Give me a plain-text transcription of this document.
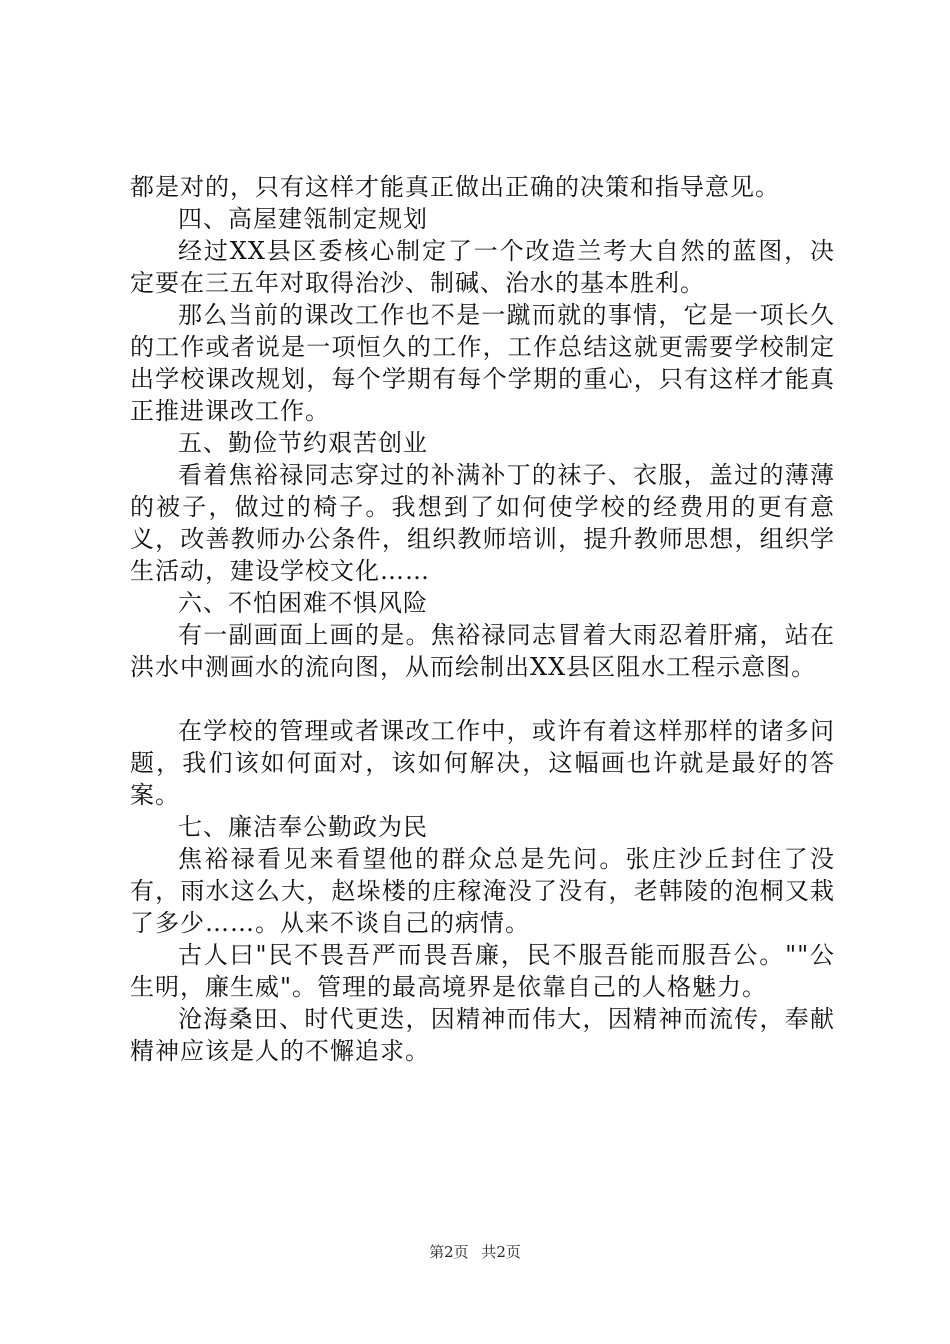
都是对的，只有这样才能真正做出正确的决策和指导意见。

四、高屋建瓴制定规划

经过XX县区委核心制定了一个改造兰考大自然的蓝图，决定要在三五年对取得治沙、制碱、治水的基本胜利。

那么当前的课改工作也不是一蹴而就的事情，它是一项长久的工作或者说是一项恒久的工作，工作总结这就更需要学校制定出学校课改规划，每个学期有每个学期的重心，只有这样才能真正推进课改工作。

五、勤俭节约艰苦创业

看着焦裕禄同志穿过的补满补丁的袜子、衣服，盖过的薄薄的被子，做过的椅子。我想到了如何使学校的经费用的更有意义，改善教师办公条件，组织教师培训，提升教师思想，组织学生活动，建设学校文化……

六、不怕困难不惧风险

有一副画面上画的是。焦裕禄同志冒着大雨忍着肝痛，站在洪水中测画水的流向图，从而绘制出XX县区阻水工程示意图。

在学校的管理或者课改工作中，或许有着这样那样的诸多问题，我们该如何面对，该如何解决，这幅画也许就是最好的答案。

七、廉洁奉公勤政为民

焦裕禄看见来看望他的群众总是先问。张庄沙丘封住了没有，雨水这么大，赵垛楼的庄稼淹没了没有，老韩陵的泡桐又栽了多少……。从来不谈自己的病情。

古人曰"民不畏吾严而畏吾廉，民不服吾能而服吾公。""公生明，廉生威"。管理的最高境界是依靠自己的人格魅力。

沧海桑田、时代更迭，因精神而伟大，因精神而流传，奉献精神应该是人的不懈追求。

第2页 共2页
